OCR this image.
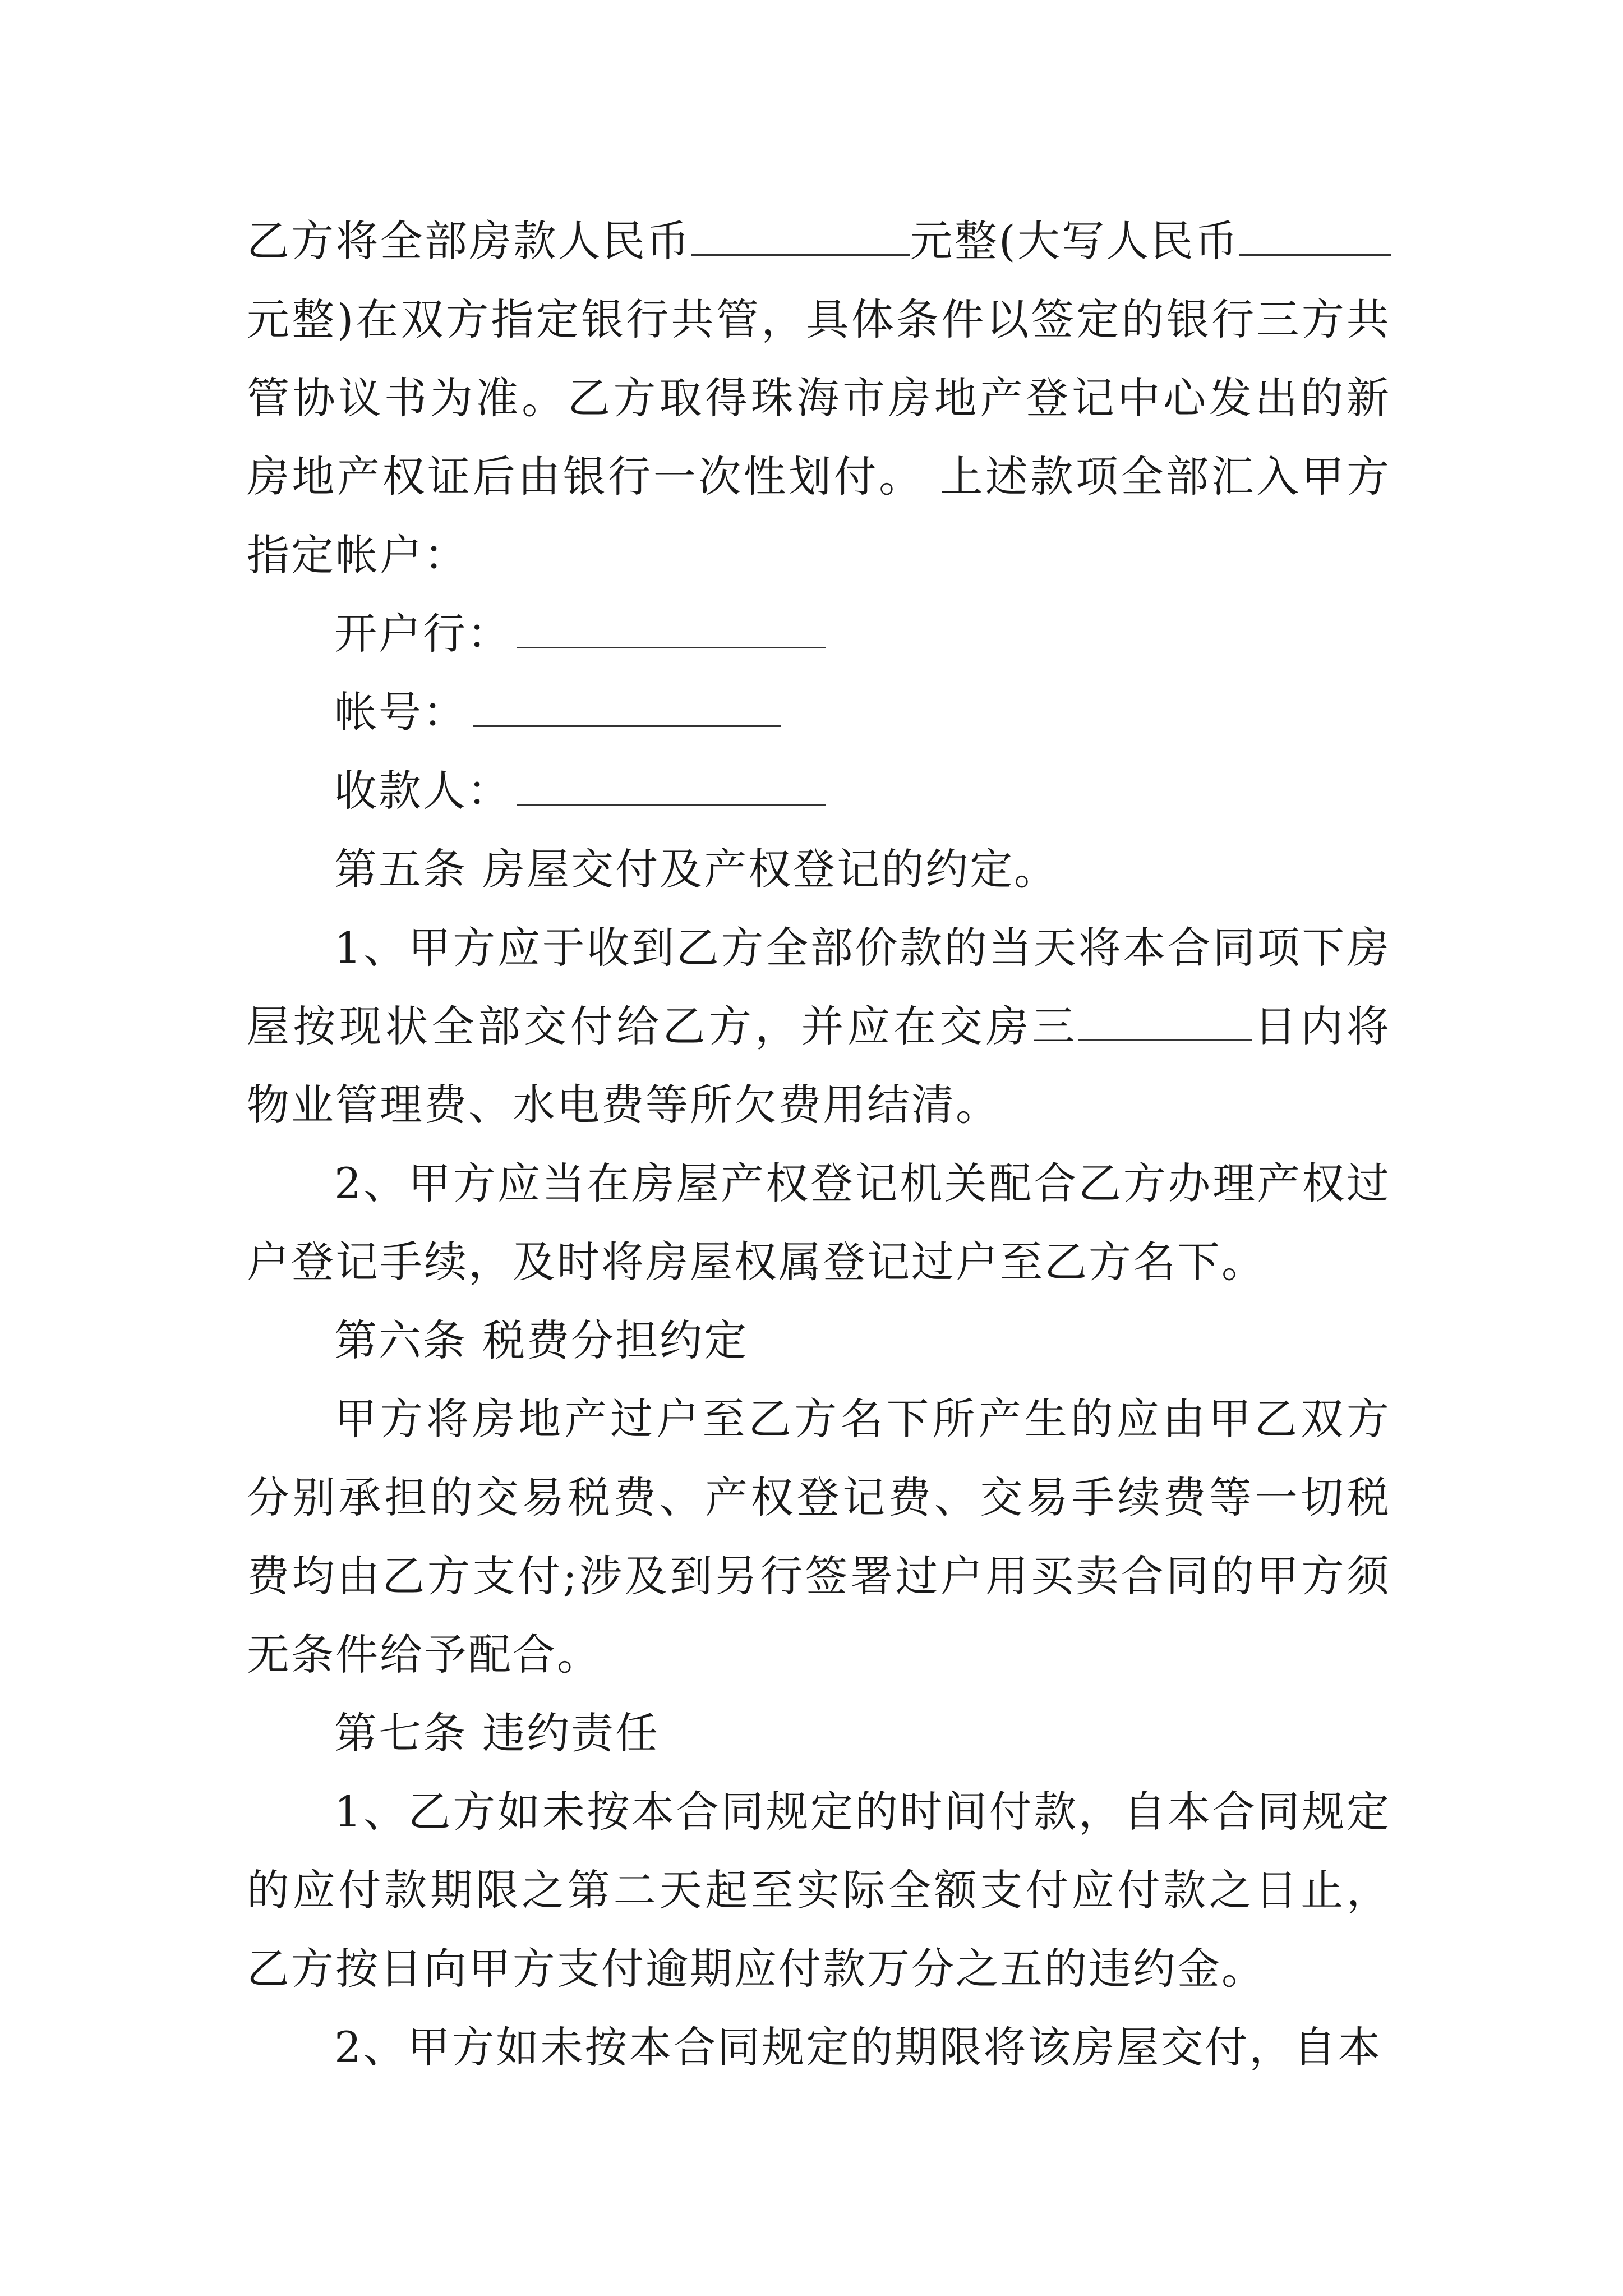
乙方将全部房款人民币	元整(大写人民币元整)在双方指定银行共管，具体条件以签定的银行三方共管协议书为准。乙方取得珠海市房地产登记中心发出的新房地产权证后由银行一次性划付。 上述款项全部汇入甲方指定帐户：

开户行：

帐号：

收款人：

第五条 房屋交付及产权登记的约定。

1、甲方应于收到乙方全部价款的当天将本合同项下房屋按现状全部交付给乙方，并应在交房三	日内将物业管理费、水电费等所欠费用结清。

2、甲方应当在房屋产权登记机关配合乙方办理产权过户登记手续，及时将房屋权属登记过户至乙方名下。

第六条 税费分担约定

甲方将房地产过户至乙方名下所产生的应由甲乙双方分别承担的交易税费、产权登记费、交易手续费等一切税费均由乙方支付;涉及到另行签署过户用买卖合同的甲方须无条件给予配合。

第七条 违约责任

1、乙方如未按本合同规定的时间付款，自本合同规定的应付款期限之第二天起至实际全额支付应付款之日止，乙方按日向甲方支付逾期应付款万分之五的违约金。

2、甲方如未按本合同规定的期限将该房屋交付，自本
